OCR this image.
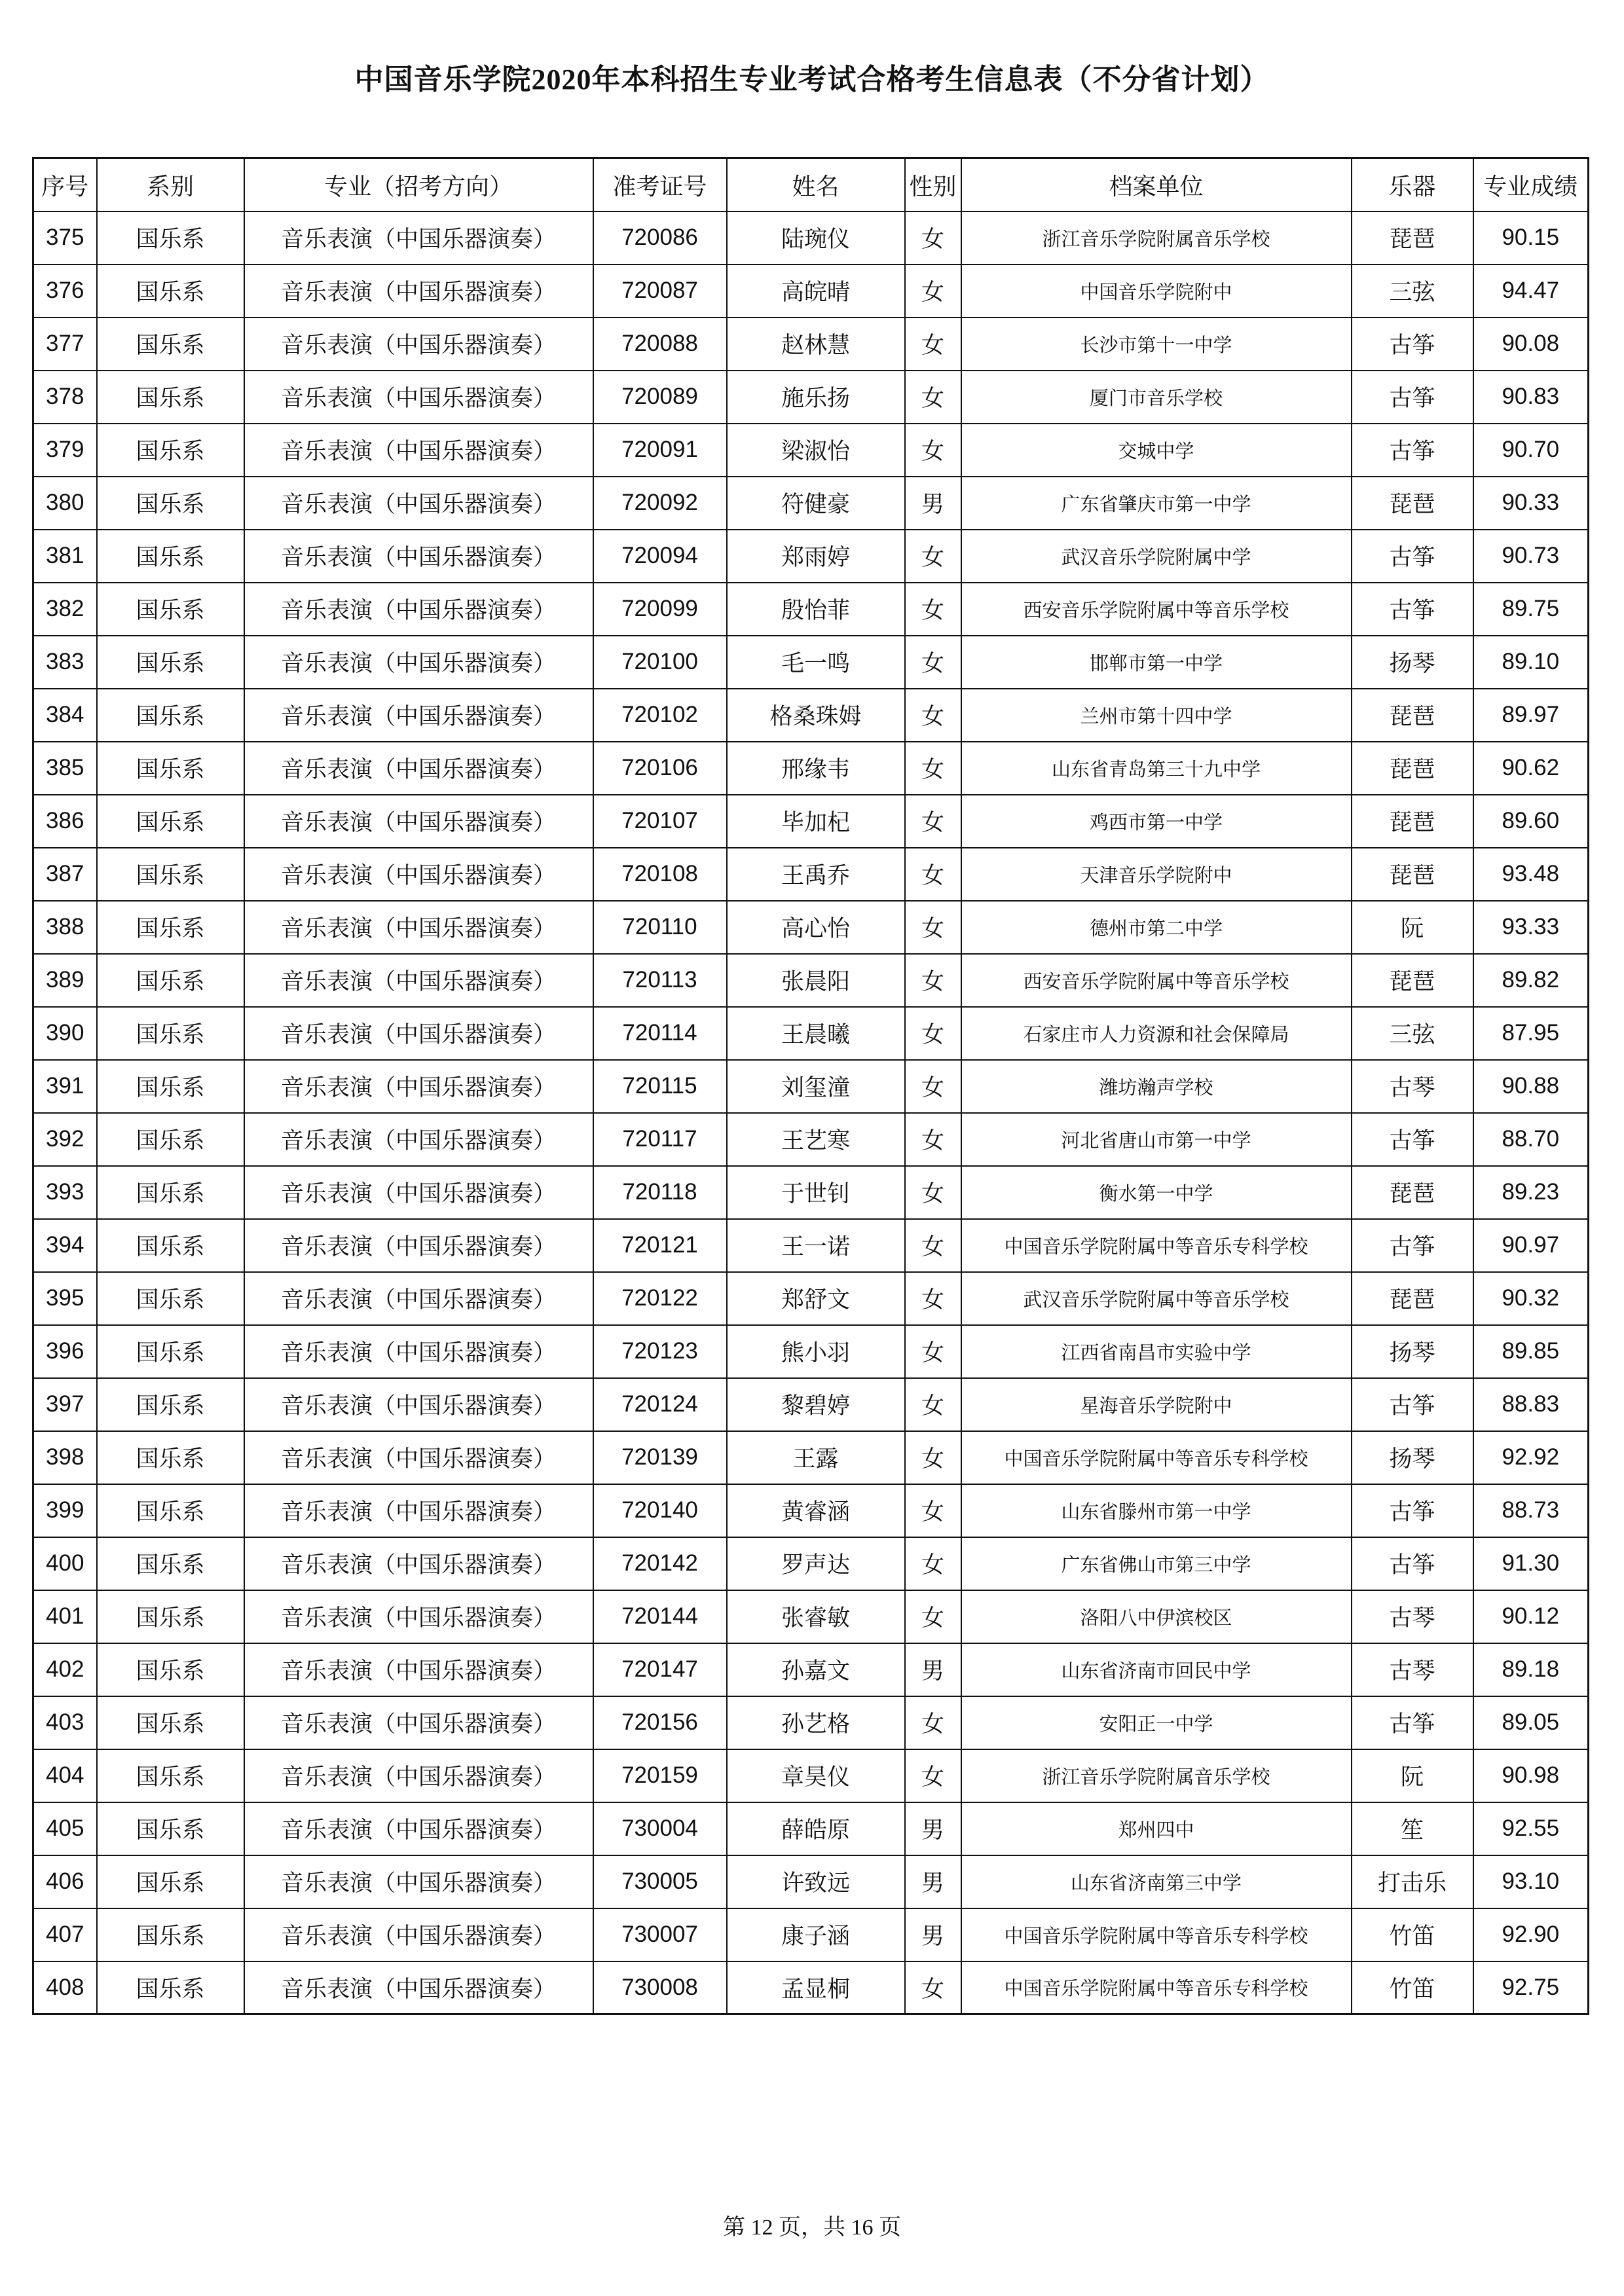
中国音乐学院2020年本科招生专业考试合格考生信息表（不分省计划）
序号	系别	专业（招考方向）	准考证号	姓名	性别	档案单位	乐器	专业成绩
375	国乐系	音乐表演（中国乐器演奏）	720086	陆琬仪	女	浙江音乐学院附属音乐学校	琵琶	90.15
376	国乐系	音乐表演（中国乐器演奏）	720087	高皖晴	女	中国音乐学院附中	三弦	94.47
377	国乐系	音乐表演（中国乐器演奏）	720088	赵林慧	女	长沙市第十一中学	古筝	90.08
378	国乐系	音乐表演（中国乐器演奏）	720089	施乐扬	女	厦门市音乐学校	古筝	90.83
379	国乐系	音乐表演（中国乐器演奏）	720091	梁淑怡	女	交城中学	古筝	90.70
380	国乐系	音乐表演（中国乐器演奏）	720092	符健豪	男	广东省肇庆市第一中学	琵琶	90.33
381	国乐系	音乐表演（中国乐器演奏）	720094	郑雨婷	女	武汉音乐学院附属中学	古筝	90.73
382	国乐系	音乐表演（中国乐器演奏）	720099	殷怡菲	女	西安音乐学院附属中等音乐学校	古筝	89.75
383	国乐系	音乐表演（中国乐器演奏）	720100	毛一鸣	女	邯郸市第一中学	扬琴	89.10
384	国乐系	音乐表演（中国乐器演奏）	720102	格桑珠姆	女	兰州市第十四中学	琵琶	89.97
385	国乐系	音乐表演（中国乐器演奏）	720106	邢缘韦	女	山东省青岛第三十九中学	琵琶	90.62
386	国乐系	音乐表演（中国乐器演奏）	720107	毕加杞	女	鸡西市第一中学	琵琶	89.60
387	国乐系	音乐表演（中国乐器演奏）	720108	王禹乔	女	天津音乐学院附中	琵琶	93.48
388	国乐系	音乐表演（中国乐器演奏）	720110	高心怡	女	德州市第二中学	阮	93.33
389	国乐系	音乐表演（中国乐器演奏）	720113	张晨阳	女	西安音乐学院附属中等音乐学校	琵琶	89.82
390	国乐系	音乐表演（中国乐器演奏）	720114	王晨曦	女	石家庄市人力资源和社会保障局	三弦	87.95
391	国乐系	音乐表演（中国乐器演奏）	720115	刘玺潼	女	潍坊瀚声学校	古琴	90.88
392	国乐系	音乐表演（中国乐器演奏）	720117	王艺寒	女	河北省唐山市第一中学	古筝	88.70
393	国乐系	音乐表演（中国乐器演奏）	720118	于世钊	女	衡水第一中学	琵琶	89.23
394	国乐系	音乐表演（中国乐器演奏）	720121	王一诺	女	中国音乐学院附属中等音乐专科学校	古筝	90.97
395	国乐系	音乐表演（中国乐器演奏）	720122	郑舒文	女	武汉音乐学院附属中等音乐学校	琵琶	90.32
396	国乐系	音乐表演（中国乐器演奏）	720123	熊小羽	女	江西省南昌市实验中学	扬琴	89.85
397	国乐系	音乐表演（中国乐器演奏）	720124	黎碧婷	女	星海音乐学院附中	古筝	88.83
398	国乐系	音乐表演（中国乐器演奏）	720139	王露	女	中国音乐学院附属中等音乐专科学校	扬琴	92.92
399	国乐系	音乐表演（中国乐器演奏）	720140	黄睿涵	女	山东省滕州市第一中学	古筝	88.73
400	国乐系	音乐表演（中国乐器演奏）	720142	罗声达	女	广东省佛山市第三中学	古筝	91.30
401	国乐系	音乐表演（中国乐器演奏）	720144	张睿敏	女	洛阳八中伊滨校区	古琴	90.12
402	国乐系	音乐表演（中国乐器演奏）	720147	孙嘉文	男	山东省济南市回民中学	古琴	89.18
403	国乐系	音乐表演（中国乐器演奏）	720156	孙艺格	女	安阳正一中学	古筝	89.05
404	国乐系	音乐表演（中国乐器演奏）	720159	章昊仪	女	浙江音乐学院附属音乐学校	阮	90.98
405	国乐系	音乐表演（中国乐器演奏）	730004	薛皓原	男	郑州四中	笙	92.55
406	国乐系	音乐表演（中国乐器演奏）	730005	许致远	男	山东省济南第三中学	打击乐	93.10
407	国乐系	音乐表演（中国乐器演奏）	730007	康子涵	男	中国音乐学院附属中等音乐专科学校	竹笛	92.90
408	国乐系	音乐表演（中国乐器演奏）	730008	孟显桐	女	中国音乐学院附属中等音乐专科学校	竹笛	92.75
第 12 页，共 16 页
